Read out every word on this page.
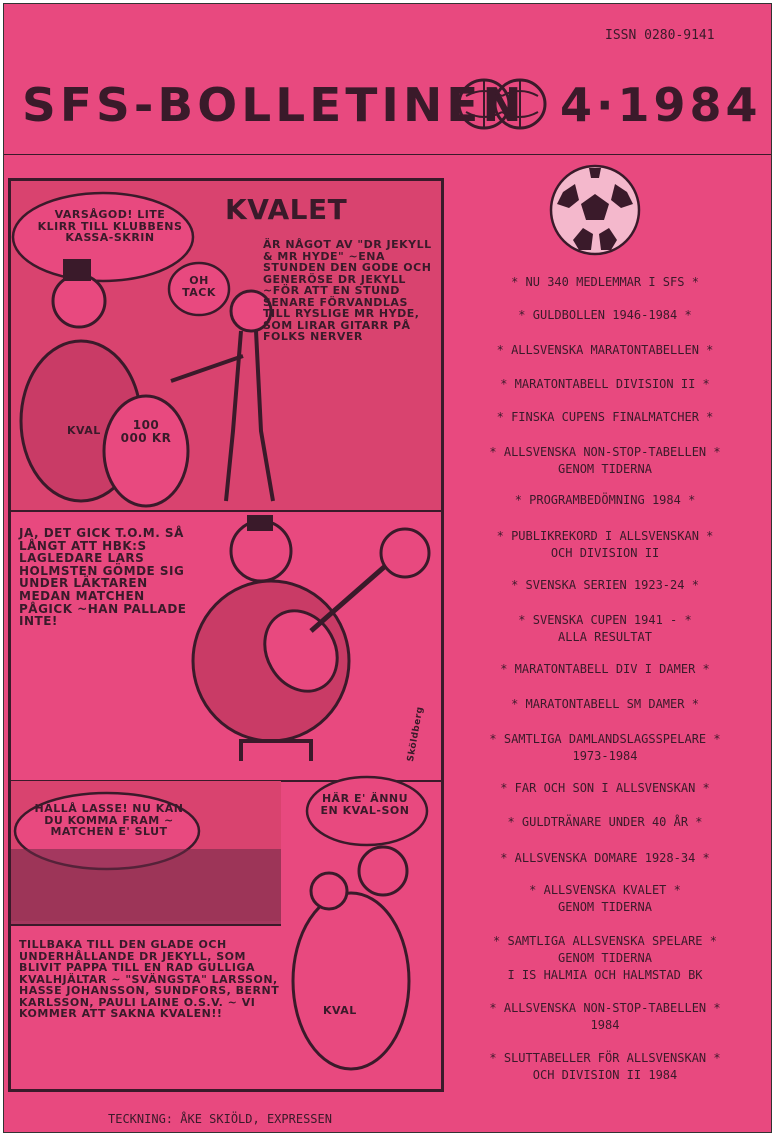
ISSN 0280-9141
SFS-BOLLETINEN 4·1984
KVALET
VARSÅGOD! LITE KLIRR TILL KLUBBENS KASSA-SKRIN
OH TACK
100 000 KR
KVAL
ÄR NÅGOT AV "DR JEKYLL & MR HYDE" ~ENA STUNDEN DEN GODE OCH GENERÖSE DR JEKYLL ~FÖR ATT EN STUND SENARE FÖRVANDLAS TILL RYSLIGE MR HYDE, SOM LIRAR GITARR PÅ FOLKS NERVER
JA, DET GICK T.O.M. SÅ LÅNGT ATT HBK:S LAGLEDARE LARS HOLMSTEN GÖMDE SIG UNDER LÄKTAREN MEDAN MATCHEN PÅGICK ~HAN PALLADE INTE!
Sköldberg
HALLÅ LASSE! NU KAN DU KOMMA FRAM ~ MATCHEN E' SLUT
HÄR E' ÄNNU EN KVAL-SON
KVAL
TILLBAKA TILL DEN GLADE OCH UNDERHÅLLANDE DR JEKYLL, SOM BLIVIT PAPPA TILL EN RAD GULLIGA KVALHJÄLTAR ~ "SVÄNGSTA" LARSSON, HASSE JOHANSSON, SUNDFORS, BERNT KARLSSON, PAULI LAINE O.S.V. ~ VI KOMMER ATT SAKNA KVALEN!!
* NU 340 MEDLEMMAR I SFS *
* GULDBOLLEN 1946-1984 *
* ALLSVENSKA MARATONTABELLEN *
* MARATONTABELL DIVISION II *
* FINSKA CUPENS FINALMATCHER *
* ALLSVENSKA NON-STOP-TABELLEN *
GENOM TIDERNA
* PROGRAMBEDÖMNING 1984 *
* PUBLIKREKORD I ALLSVENSKAN *
OCH DIVISION II
* SVENSKA SERIEN 1923-24 *
* SVENSKA CUPEN 1941 - *
ALLA RESULTAT
* MARATONTABELL DIV I DAMER *
* MARATONTABELL SM DAMER *
* SAMTLIGA DAMLANDSLAGSSPELARE *
1973-1984
* FAR OCH SON I ALLSVENSKAN *
* GULDTRÄNARE UNDER 40 ÅR *
* ALLSVENSKA DOMARE 1928-34 *
* ALLSVENSKA KVALET *
GENOM TIDERNA
* SAMTLIGA ALLSVENSKA SPELARE *
GENOM TIDERNA
I IS HALMIA OCH HALMSTAD BK
* ALLSVENSKA NON-STOP-TABELLEN *
1984
* SLUTTABELLER FÖR ALLSVENSKAN *
OCH DIVISION II 1984
TECKNING: ÅKE SKIÖLD, EXPRESSEN
